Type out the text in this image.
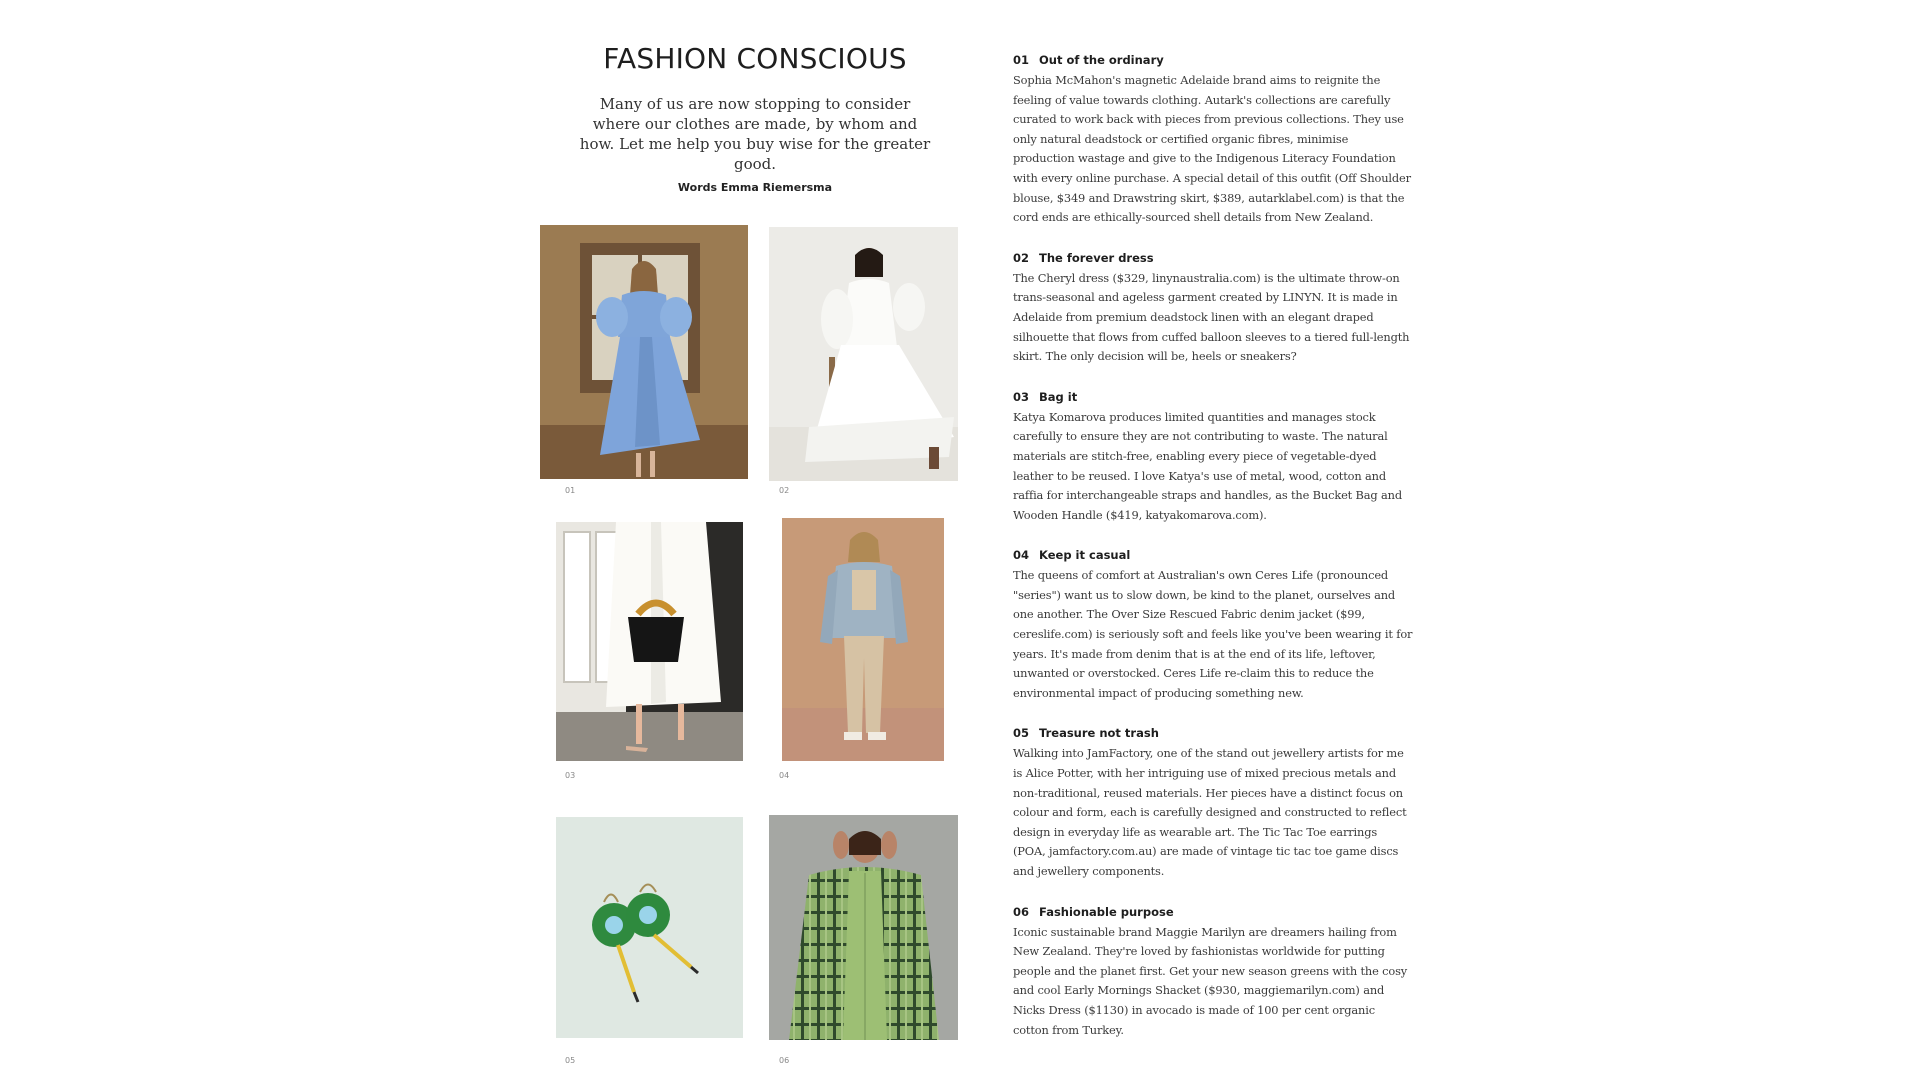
FASHION CONSCIOUS

Many of us are now stopping to consider where our clothes are made, by whom and how. Let me help you buy wise for the greater good.

Words Emma Riemersma

01	02
03	04
05	06

01 Out of the ordinary

Sophia McMahon's magnetic Adelaide brand aims to reignite the feeling of value towards clothing. Autark's collections are carefully curated to work back with pieces from previous collections. They use only natural deadstock or certified organic fibres, minimise production wastage and give to the Indigenous Literacy Foundation with every online purchase. A special detail of this outfit (Off Shoulder blouse, $349 and Drawstring skirt, $389, autarklabel.com) is that the cord ends are ethically-sourced shell details from New Zealand.

02 The forever dress

The Cheryl dress ($329, linynaustralia.com) is the ultimate throw-on trans-seasonal and ageless garment created by LINYN. It is made in Adelaide from premium deadstock linen with an elegant draped silhouette that flows from cuffed balloon sleeves to a tiered full-length skirt. The only decision will be, heels or sneakers?

03 Bag it

Katya Komarova produces limited quantities and manages stock carefully to ensure they are not contributing to waste. The natural materials are stitch-free, enabling every piece of vegetable-dyed leather to be reused. I love Katya's use of metal, wood, cotton and raffia for interchangeable straps and handles, as the Bucket Bag and Wooden Handle ($419, katyakomarova.com).

04 Keep it casual

The queens of comfort at Australian's own Ceres Life (pronounced "series") want us to slow down, be kind to the planet, ourselves and one another. The Over Size Rescued Fabric denim jacket ($99, cereslife.com) is seriously soft and feels like you've been wearing it for years. It's made from denim that is at the end of its life, leftover, unwanted or overstocked. Ceres Life re-claim this to reduce the environmental impact of producing something new.

05 Treasure not trash

Walking into JamFactory, one of the stand out jewellery artists for me is Alice Potter, with her intriguing use of mixed precious metals and non-traditional, reused materials. Her pieces have a distinct focus on colour and form, each is carefully designed and constructed to reflect design in everyday life as wearable art. The Tic Tac Toe earrings (POA, jamfactory.com.au) are made of vintage tic tac toe game discs and jewellery components.

06 Fashionable purpose

Iconic sustainable brand Maggie Marilyn are dreamers hailing from New Zealand. They're loved by fashionistas worldwide for putting people and the planet first. Get your new season greens with the cosy and cool Early Mornings Shacket ($930, maggiemarilyn.com) and Nicks Dress ($1130) in avocado is made of 100 per cent organic cotton from Turkey.
